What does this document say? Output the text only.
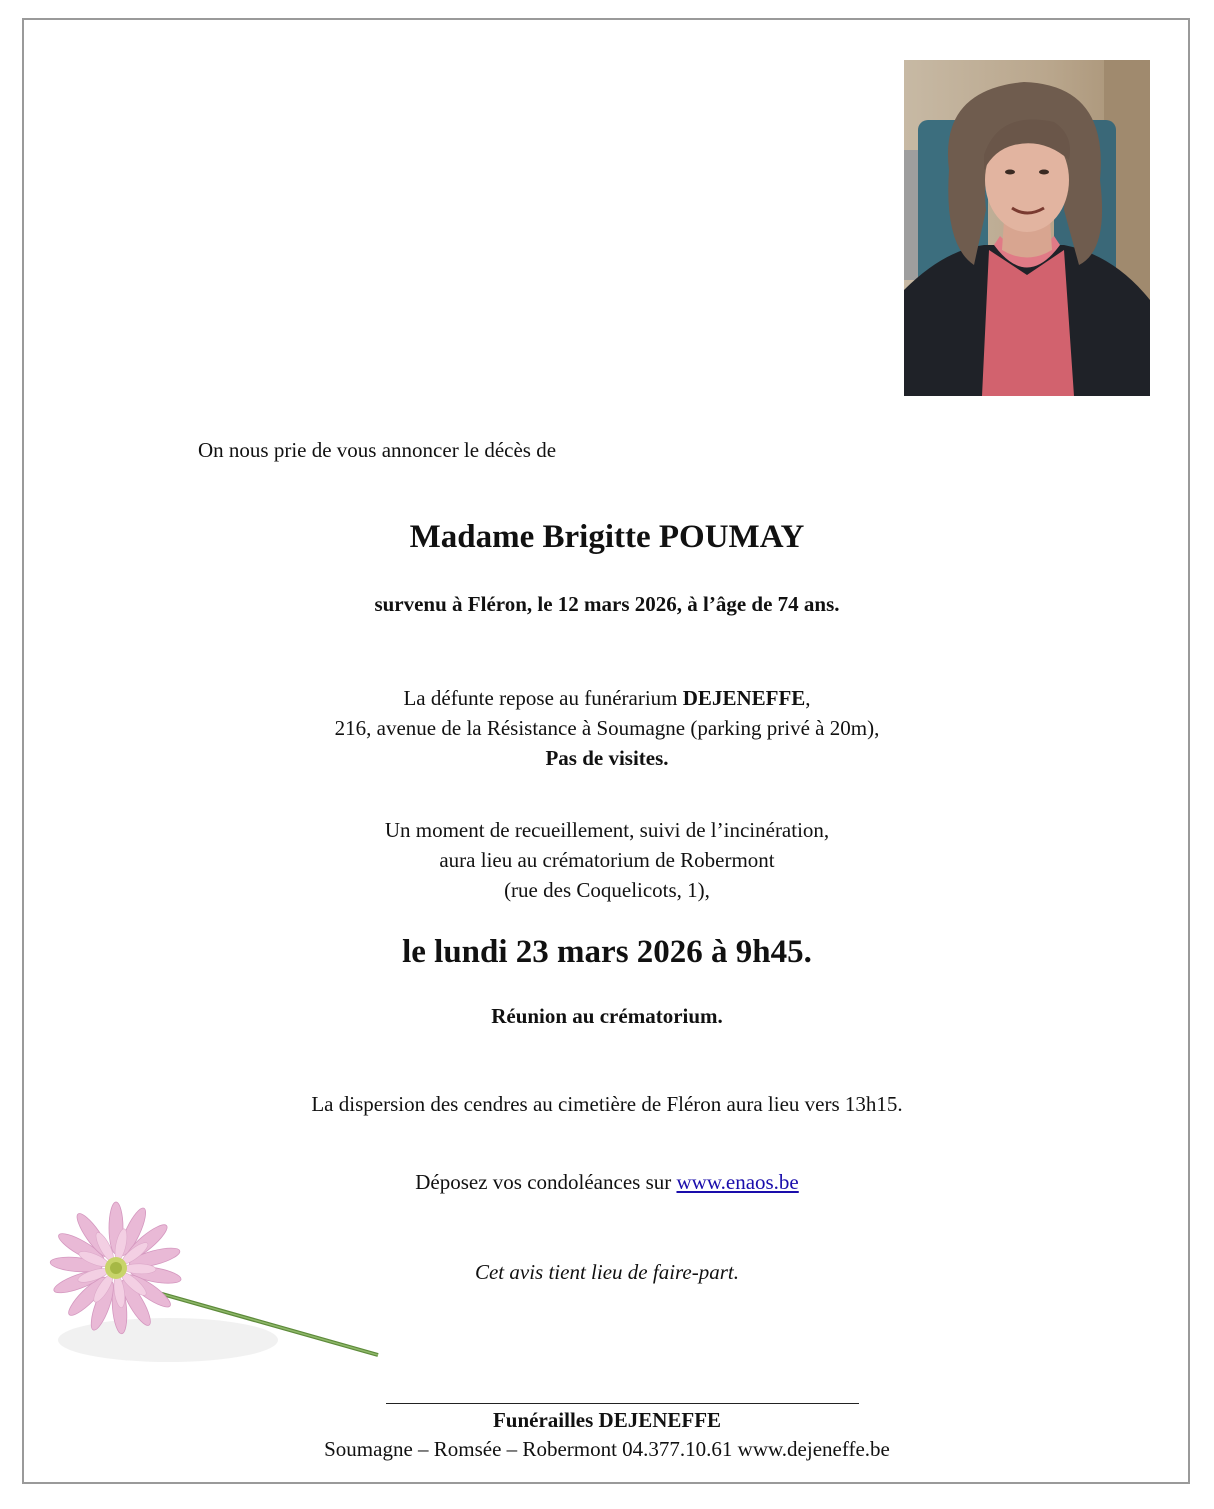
On nous prie de vous annoncer le décès de
Madame Brigitte POUMAY
survenu à Fléron, le 12 mars 2026, à l’âge de 74 ans.
La défunte repose au funérarium DEJENEFFE,
216, avenue de la Résistance à Soumagne (parking privé à 20m),
Pas de visites.
Un moment de recueillement, suivi de l’incinération,
aura lieu au crématorium de Robermont
(rue des Coquelicots, 1),
le lundi 23 mars 2026 à 9h45.
Réunion au crématorium.
La dispersion des cendres au cimetière de Fléron aura lieu vers 13h15.
Déposez vos condoléances sur www.enaos.be
Cet avis tient lieu de faire-part.
Funérailles DEJENEFFE
Soumagne – Romsée – Robermont 04.377.10.61 www.dejeneffe.be
